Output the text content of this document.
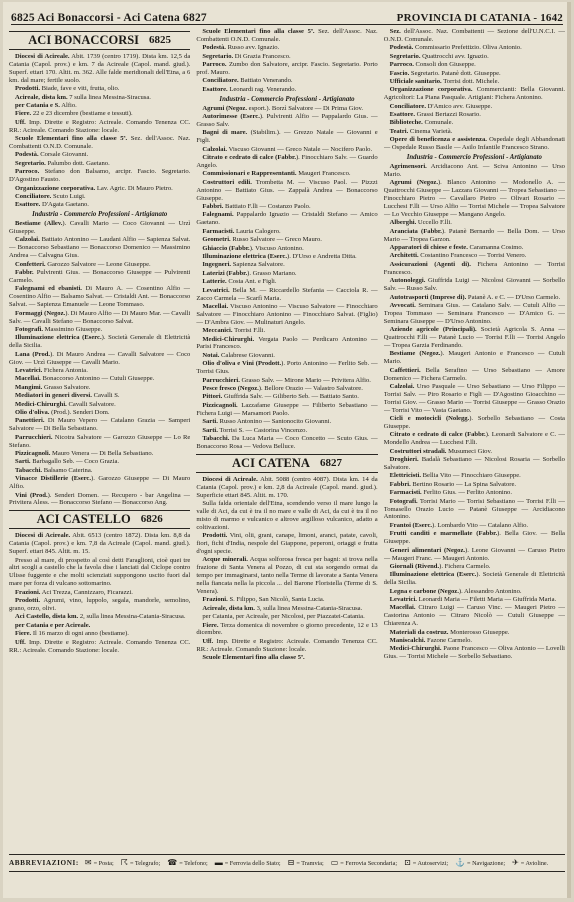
6825 Aci Bonaccorsi - Aci Catena 6827	PROVINCIA DI CATANIA - 1642
ACI BONACCORSI 6825

Diocesi di Acireale. Abit. 1739 (centro 1719). Dista km. 12,5 da Catania (Capol. prov.) e km. 7 da Acireale (Capol. mand. giud.). Superf. ettari 170. Altit. m. 362. Alle falde meridionali dell'Etna, a 6 km. dal mare; fertile suolo.

Prodotti. Biade, fave e viti, frutta, olio.

Acireale, dista km. 7 sulla linea Messina-Siracusa.

per Catania e S. Alfio.

Fiere. 22 e 23 dicembre (bestiame e tessuti).

Uff. Imp. Dirette e Registro: Acireale. Comando Tenenza CC. RR.: Acireale. Comando Stazione: locale.

Scuole Elementari fino alla classe 5ª. Sez. dell'Assoc. Naz. Combattenti O.N.D. Comunale.

Podestà. Corsale Giovanni.

Segretario. Palumbo dott. Gaetano.

Parroco. Stefano don Balsamo, arcipr. Fascio. Segretario. D'Agostino Fausto.

Organizzazione corporativa. Lav. Agric. Di Mauro Pietro.

Conciliatore. Scuto Luigi.

Esattore. D'Agata Gaetano.

Industria - Commercio Professioni - Artigianato

Bestiame (Allev.). Cavalli Mario — Coco Giovanni — Urzì Giuseppe.

Calzolai. Battiato Antonino — Laudani Alfio — Sapienza Salvat. — Bonaccorso Sebastiano — Bonaccorso Domenico — Massimino Andrea — Calvagna Gius.

Confetteri. Garozzo Salvatore — Leone Giuseppe.

Fabbr. Pulvirenti Gius. — Bonaccorso Giuseppe — Pulvirenti Carmelo.

Falegnami ed ebanisti. Di Mauro A. — Cosentino Alfio — Cosentino Alfio — Balsamo Salvat. — Cristaldi Ant. — Bonaccorso Salvat. — Sapienza Emanuele — Leone Tommaso.

Formaggi (Negoz.). Di Mauro Alfio — Di Mauro Mar. — Cavalli Salv. — Cavalli Stefano — Bonaccorso Salvat.

Fotografi. Massimino Giuseppe.

Illuminazione elettrica (Eserc.). Società Generale di Elettricità della Sicilia.

Lana (Prod.). Di Mauro Andrea — Cavalli Salvatore — Coco Giov. — Urzì Giuseppe — Cavalli Mario.

Levatrici. Fichera Antonia.

Macellai. Bonaccorso Antonino — Cutuli Giuseppe.

Mangimi. Grasso Salvatore.

Mediatori in generi diversi. Cavalli S.

Medici-Chirurghi. Cavalli Salvatore.

Olio d'oliva. (Prod.). Senderi Dom.

Panettieri. Di Mauro Vepero — Catalano Grazia — Samperi Salvatore — Di Bella Sebastiano.

Parrucchieri. Nicotra Salvatore — Garozzo Giuseppe — Lo Re Stefano.

Pizzicagnoli. Mauro Venera — Di Bella Sebastiano.

Sarti. Barbagallo Seb. — Coco Grazia.

Tabacchi. Balsamo Caterina.

Vinacce Distillerie (Eserc.). Garozzo Giuseppe — Di Mauro Alfio.

Vini (Prod.). Senderi Domen. — Recupero - bar Angelina — Privitera Aless. — Bonaccorso Stefano — Bonaccorso Ang.

ACI CASTELLO 6826

Diocesi di Acireale. Abit. 6513 (centro 1872). Dista km. 8,8 da Catania (Capol. prov.) e km. 7,8 da Acireale (Capol. mand. giud.). Superf. ettari 845. Altit. m. 15.

Presso al mare, di prospetto al così detti Faraglioni, cioè quei tre altri scogli a castello che la favola dise i lanciati dal Ciclope contro Ulisse fuggente e che molti scienziati suppongono uscito fuori dal mare per forza di vulcano sottomarino.

Frazioni. Aci Trezza, Cannizzaro, Ficarazzi.

Prodotti. Agrumi, vino, luppolo, segala, mandorle, semolino, grano, orzo, olivi.

Aci Castello, dista km. 2, sulla linea Messina-Catania-Siracusa.

per Catania e per Acireale.

Fiere. Il 16 marzo di ogni anno (bestiame).

Uff. Imp. Dirette e Registro: Acireale. Comando Tenenza CC. RR.: Acireale. Comando Stazione: locale.

Scuole Elementari fino alla classe 5ª. Sez. dell'Assoc. Naz. Combattenti O.N.D. Comunale.

Podestà. Russo avv. Ignazio.

Segretario. Di Grazia Francesco.

Parroco. Zumbo don Salvatore, arcipr. Fascio. Segretario. Porto prof. Mauro.

Conciliatore. Battiato Venerando.

Esattore. Leonardi rag. Venerando.

Industria - Commercio Professioni - Artigianato

Agrumi (Negoz. esport.). Borzì Salvatore — Di Prima Giov.

Autorimesse (Eserc.). Pulvirenti Alfio — Pappalardo Gius. — Grasso Salv.

Bagni di mare. (Stabilim.). — Grezzo Natale — Giovanni e Figli.

Calzolai. Viscuso Giovanni — Greco Natale — Nocifero Paolo.

Citrato e cedrato di calce (Fabbr.). Finocchiaro Salv. — Guardo Angelo.

Commissionari e Rappresentanti. Maugeri Francesco.

Costruttori edili. Trombetta M. — Viscuso Paol. — Pizzzi Antonino — Battiato Gius. — Zappalà Andrea — Bonaccorso Giuseppe.

Fabbri. Battiato F.lli — Costanzo Paolo.

Falegnami. Pappalardo Ignazio — Cristaldi Stefano — Amico Gaetano.

Farmacisti. Lauria Calogero.

Geometri. Russo Salvatore — Greco Mauro.

Ghiaccio (Fabbr.). Viscuso Antonino.

Illuminazione elettrica (Eserc.). D'Urso e Andretta Ditta.

Ingegneri. Sapienza Salvatore.

Laterizi (Fabbr.). Grasso Mariano.

Latterie. Costa Ant. e Figli.

Levatrici. Bella M. — Riccardello Stefania — Cacciola R. — Zacco Carmela — Scarfì Maria.

Macellai. Viscuso Antonino — Viscuso Salvatore — Finocchiaro Salvatore — Finocchiaro Antonino — Finocchiaro Salvat. (Figlio) — D'Ambra Giov. — Mulinaturi Angelo.

Meccanici. Torrisi F.lli.

Medici-Chirurghi. Vergata Paolo — Perdicaro Antonino — Parisi Francesco.

Notai. Calabrese Giovanni.

Olio d'oliva e Vini (Prodott.). Porto Antonino — Ferlito Seb. — Torrisi Gius.

Parrucchieri. Grasso Salv. — Mirone Mario — Privitera Alfio.

Pesce fresco (Negoz.). Bellore Orazio — Valastro Salvatore.

Pittori. Giuffrida Salv. — Giliberto Seb. — Battiato Santo.

Pizzicagnoli. Lazzafame Giuseppe — Filiberto Sebastiano — Fichera Luigi — Marsamori Paolo.

Sarti. Russo Antonino — Santonocito Giovanni.

Sarti. Torrisi S. — Castorina Vincenzo.

Tabacchi. Da Luca Maria — Coco Concetto — Scuto Gius. — Bonaccorso Rosa — Vedova Belluce.

ACI CATENA 6827

Diocesi di Acireale. Abit. 5088 (centro 4087). Dista km. 14 da Catania (Capol. prov.) e km. 2,8 da Acireale (Capol. mand. giud.). Superficie ettari 845. Altit. m. 170.

Sulla falda orientale dell'Etna, scendendo verso il mare lungo la valle di Aci, da cui è tra il no mare e valle di Aci, da cui è tra il no misto di marmo e vulcanico e altrove argilloso vulcanico, adatto a coltivazioni.

Prodotti. Vini, olii, grani, canape, limoni, aranci, patate, cavoli, fiori, fichi d'India, nespole del Giappone, peperoni, ortaggi e frutta d'ogni specie.

Acque minerali. Acqua solforosa fresca per bagni: si trova nella frazione di Santa Venera al Pozzo, di cui sta sorgendo ormai da tempo per immaginarsi, tanto nella Terme di lavorate a Santa Venera nella fiancata nella la piccola ... del Barone Floristella (Terme di S. Venera).

Frazioni. S. Filippo, San Nicolò, Santa Lucia.

Acireale, dista km. 3, sulla linea Messina-Catania-Siracusa.

per Catania, per Acireale, per Nicolosi, per Piazzatei-Catania.

Fiere. Terza domenica di novembre o giorno precedente, 12 e 13 dicembre.

Uff. Imp. Dirette e Registro: Acireale. Comando Tenenza CC. RR.: Acireale. Comando Stazione: locale.

Scuole Elementari fino alla classe 5ª.

Sez. dell'Assoc. Naz. Combattenti — Sezione dell'U.N.C.I. — O.N.D. Comunale.

Podestà. Commissario Prefettizio. Oliva Antonio.

Segretario. Quattrocchi avv. Ignazio.

Parroco. Consoli don Giuseppe.

Fascio. Segretario. Patanè dott. Giuseppe.

Ufficiale sanitario. Torrisi dott. Michele.

Organizzazione corporativa. Commercianti: Bella Giovanni. Agricoltori: La Piana Pasquale. Artigiani: Fichera Antonino.

Conciliatore. D'Amico avv. Giuseppe.

Esattore. Grassi Bertazzi Rosario.

Biblioteche. Comunale.

Teatri. Cinema Varietà.

Opere di beneficenza e assistenza. Ospedale degli Abbandonati — Ospedale Russo Basile — Asilo Infantile Francesco Strano.

Industria - Commercio Professioni - Artigianato

Agrimensori. Arcidiacono Ant. — Sciva Antonino — Urso Mario.

Agrumi (Negoz.). Blanco Antonino — Modonello A. — Quattrocchi Giuseppe — Lazzara Giovanni — Tropea Sebastiano — Finocchiaro Pietro — Cavallaro Pietro — Olivari Rosario — Lucchesi F.lli — Urso Alfio — Torrisi Michele — Tropea Salvatore — Lo Vecchio Giuseppe — Mangano Angelo.

Alberghi. Uccello F.lli.

Aranciata (Fabbr.). Patanè Bernardo — Bella Dom. — Urso Mario — Tropea Garzon.

Apparatori di chiese e feste. Caramanna Cosimo.

Architetti. Costantino Francesco — Torrisi Venero.

Assicurazioni (Agenti di). Fichera Antonino — Torrisi Francesco.

Autonoleggi. Giuffrida Luigi — Nicolosi Giovanni — Sorbello Salv. — Russo Salv.

Autotrasporti (Imprese di). Patanè A. e C. — D'Urso Carmelo.

Avvocati. Seminara Gius. — Catalano Salv. — Cutuli Alfio — Tropea Tommaso — Seminara Francesco — D'Amico G. — Seminara Giuseppe — D'Urso Antonino.

Aziende agricole (Principali). Società Agricola S. Anna — Quattrocchi F.lli — Patanè Lucio — Torrisi F.lli — Torrisi Angelo — Tropea Garzia Ferdinando.

Bestiame (Negoz.). Maugeri Antonio e Francesco — Cutuli Mario.

Caffettieri. Bella Serafino — Urso Sebastiano — Amore Domenico — Fichera Carmelo.

Calzolai. Urso Pasquale — Urso Sebastiano — Urso Filippo — Torrisi Salv. — Piro Rosario e Figli — D'Agostino Gioacchino — Torrisi Giov. — Grasso Mario — Torrisi Giuseppe — Grasso Orazio — Torrisi Vito — Vasta Gaetano.

Cicli e motocicli (Nolegg.). Sorbello Sebastiano — Costa Giuseppe.

Citrato e cedrato di calce (Fabbr.). Leonardi Salvatore e C. — Mondello Andrea — Lucchesi F.lli.

Costruttori stradali. Musumeci Giov.

Droghieri. Badalà Sebastiano — Nicolosi Rosaria — Sorbello Salvatore.

Elettricisti. Bellia Vito — Finocchiaro Giuseppe.

Fabbri. Bertino Rosario — La Spina Salvatore.

Farmacisti. Ferlito Gius. — Ferlito Antonino.

Fotografi. Torrisi Mario — Torrisi Sebastiano — Torrisi F.lli — Tomasello Orazio Lucio — Patanè Giuseppe — Arcidiacono Antonino.

Frantoi (Eserc.). Lombardo Vito — Catalano Alfio.

Frutti canditi e marmellate (Fabbr.). Bella Giov. — Bella Giuseppe.

Generi alimentari (Negoz.). Leone Giovanni — Caruso Pietro — Maugeri Franc. — Maugeri Antonio.

Giornali (Rivend.). Fichera Carmelo.

Illuminazione elettrica (Eserc.). Società Generale di Elettricità della Sicilia.

Legna e carbone (Negoz.). Alessandro Antonino.

Levatrici. Leonardi Maria — Filetti Maria — Giuffrida Maria.

Macellai. Citraro Luigi — Caruso Vinc. — Maugeri Pietro — Castorina Antonio — Citraro Nicolò — Cutuli Giuseppe — Chiarenza A.

Materiali da costruz. Monterosso Giuseppe.

Maniscalchi. Fazone Carmelo.

Medici-Chirurghi. Paone Francesco — Oliva Antonio — Lovelli Gius. — Torrisi Michele — Sorbello Sebastiano.

ABBREVIAZIONI: ✉ = Posta; ☈ = Telegrafo; ☎ = Telefono; ▬ = Ferrovia dello Stato; ⊟ = Tramvia; ▭ = Ferrovia Secondaria; ⊡ = Autoservizi; ⚓ = Navigazione; ✈ = Avioline.
